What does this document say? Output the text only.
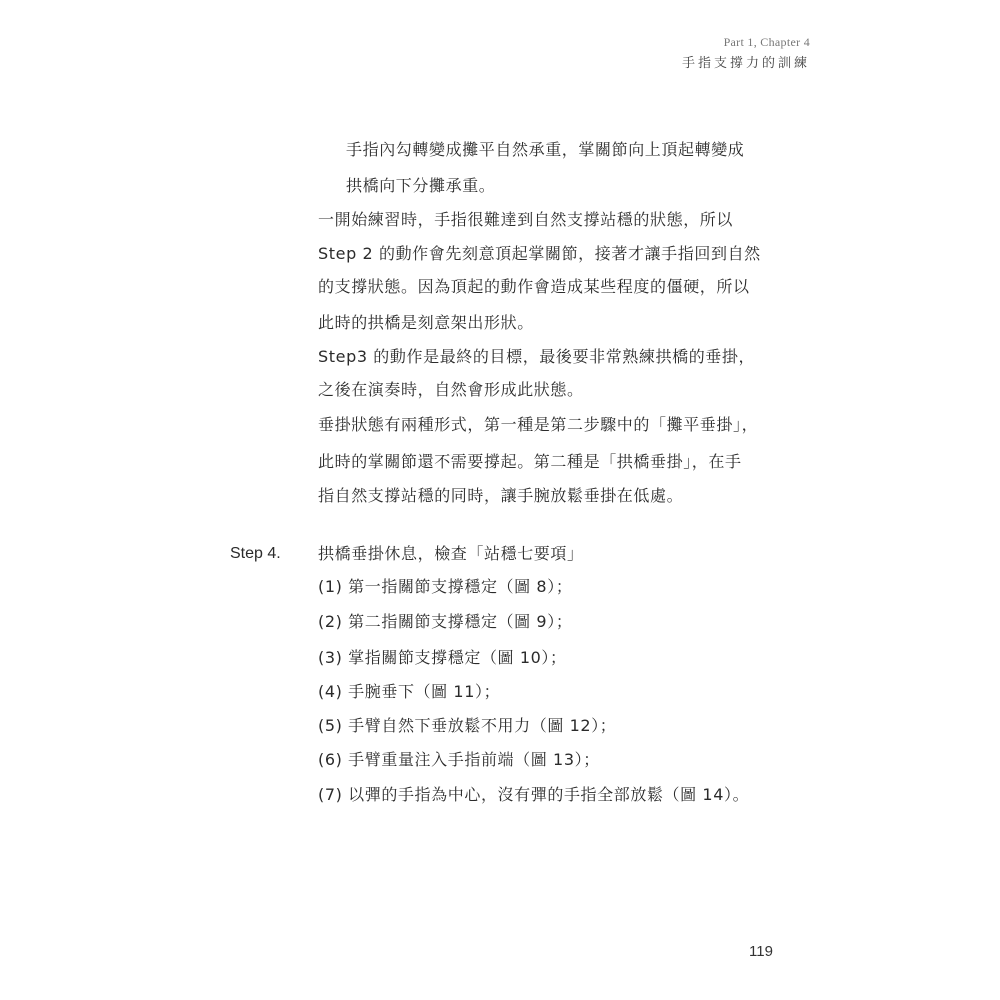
Part 1, Chapter 4
手指支撐力的訓練
手指內勾轉變成攤平自然承重，掌關節向上頂起轉變成
拱橋向下分攤承重。
一開始練習時，手指很難達到自然支撐站穩的狀態，所以
Step 2 的動作會先刻意頂起掌關節，接著才讓手指回到自然
的支撐狀態。因為頂起的動作會造成某些程度的僵硬，所以
此時的拱橋是刻意架出形狀。
Step3 的動作是最終的目標，最後要非常熟練拱橋的垂掛，
之後在演奏時，自然會形成此狀態。
垂掛狀態有兩種形式，第一種是第二步驟中的「攤平垂掛」，
此時的掌關節還不需要撐起。第二種是「拱橋垂掛」，在手
指自然支撐站穩的同時，讓手腕放鬆垂掛在低處。
拱橋垂掛休息，檢查「站穩七要項」
(1) 第一指關節支撐穩定（圖 8）；
(2) 第二指關節支撐穩定（圖 9）；
(3) 掌指關節支撐穩定（圖 10）；
(4) 手腕垂下（圖 11）；
(5) 手臂自然下垂放鬆不用力（圖 12）；
(6) 手臂重量注入手指前端（圖 13）；
(7) 以彈的手指為中心，沒有彈的手指全部放鬆（圖 14）。
Step 4.
119
